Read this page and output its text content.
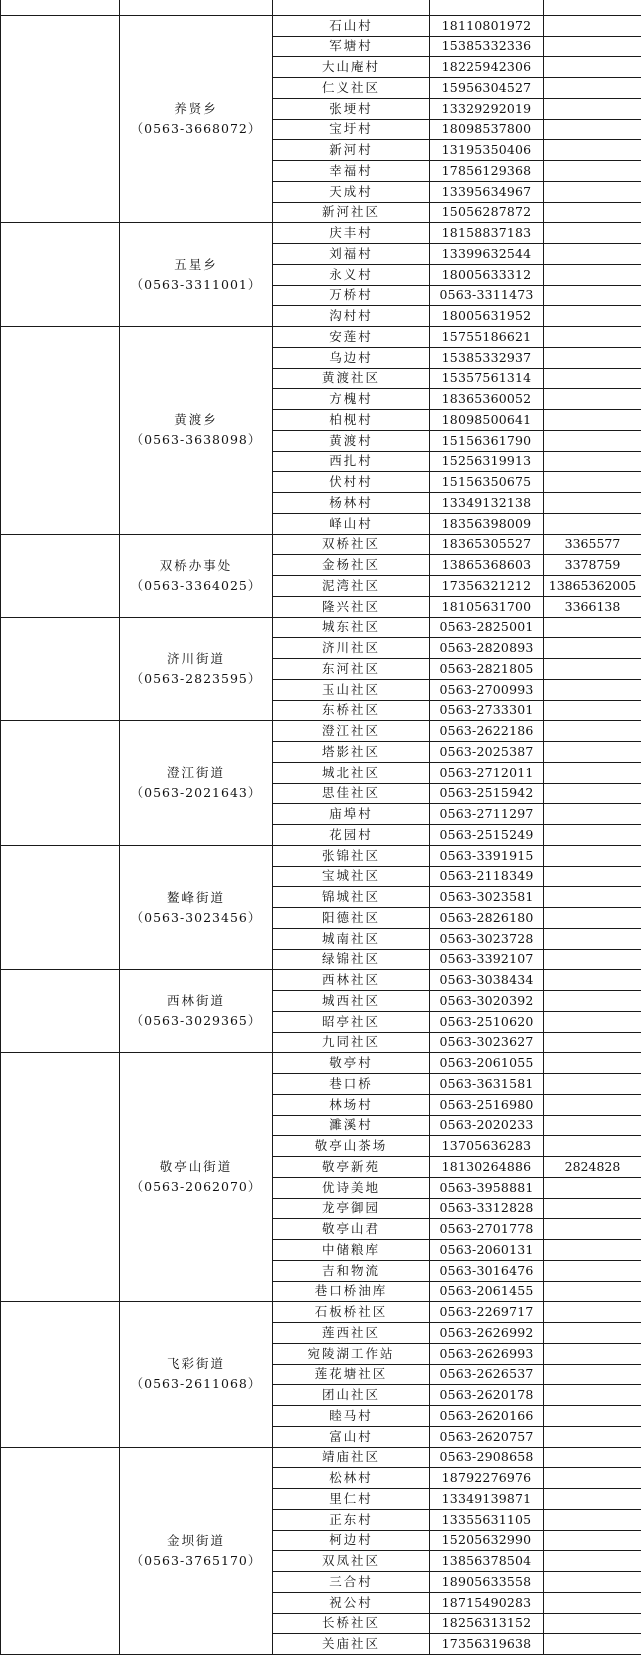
	养贤乡
（0563-3668072）	石山村	18110801972	
		军塘村	15385332336	
		大山庵村	18225942306	
		仁义社区	15956304527	
		张埂村	13329292019	
		宝圩村	18098537800	
		新河村	13195350406	
		幸福村	17856129368	
		天成村	13395634967	
		新河社区	15056287872	

	五星乡
（0563-3311001）	庆丰村	18158837183	
		刘福村	13399632544	
		永义村	18005633312	
		万桥村	0563-3311473	
		沟村村	18005631952	

	黄渡乡
（0563-3638098）	安莲村	15755186621	
		乌边村	15385332937	
		黄渡社区	15357561314	
		方槐村	18365360052	
		柏枧村	18098500641	
		黄渡村	15156361790	
		西扎村	15256319913	
		伏村村	15156350675	
		杨林村	13349132138	
		峄山村	18356398009	

	双桥办事处
（0563-3364025）	双桥社区	18365305527	3365577
		金杨社区	13865368603	3378759
		泥湾社区	17356321212	13865362005
		隆兴社区	18105631700	3366138

	济川街道
（0563-2823595）	城东社区	0563-2825001	
		济川社区	0563-2820893	
		东河社区	0563-2821805	
		玉山社区	0563-2700993	
		东桥社区	0563-2733301	

	澄江街道
（0563-2021643）	澄江社区	0563-2622186	
		塔影社区	0563-2025387	
		城北社区	0563-2712011	
		思佳社区	0563-2515942	
		庙埠村	0563-2711297	
		花园村	0563-2515249	

	鳌峰街道
（0563-3023456）	张锦社区	0563-3391915	
		宝城社区	0563-2118349	
		锦城社区	0563-3023581	
		阳德社区	0563-2826180	
		城南社区	0563-3023728	
		绿锦社区	0563-3392107	

	西林街道
（0563-3029365）	西林社区	0563-3038434	
		城西社区	0563-3020392	
		昭亭社区	0563-2510620	
		九同社区	0563-3023627	

	敬亭山街道
（0563-2062070）	敬亭村	0563-2061055	
		巷口桥	0563-3631581	
		林场村	0563-2516980	
		濉溪村	0563-2020233	
		敬亭山茶场	13705636283	
		敬亭新苑	18130264886	2824828
		优诗美地	0563-3958881	
		龙亭御园	0563-3312828	
		敬亭山君	0563-2701778	
		中储粮库	0563-2060131	
		吉和物流	0563-3016476	
		巷口桥油库	0563-2061455	

	飞彩街道
（0563-2611068）	石板桥社区	0563-2269717	
		莲西社区	0563-2626992	
		宛陵湖工作站	0563-2626993	
		莲花塘社区	0563-2626537	
		团山社区	0563-2620178	
		睦马村	0563-2620166	
		富山村	0563-2620757	

	金坝街道
（0563-3765170）	靖庙社区	0563-2908658	
		松林村	18792276976	
		里仁村	13349139871	
		正东村	13355631105	
		柯边村	15205632990	
		双凤社区	13856378504	
		三合村	18905633558	
		祝公村	18715490283	
		长桥社区	18256313152	
		关庙社区	17356319638	
